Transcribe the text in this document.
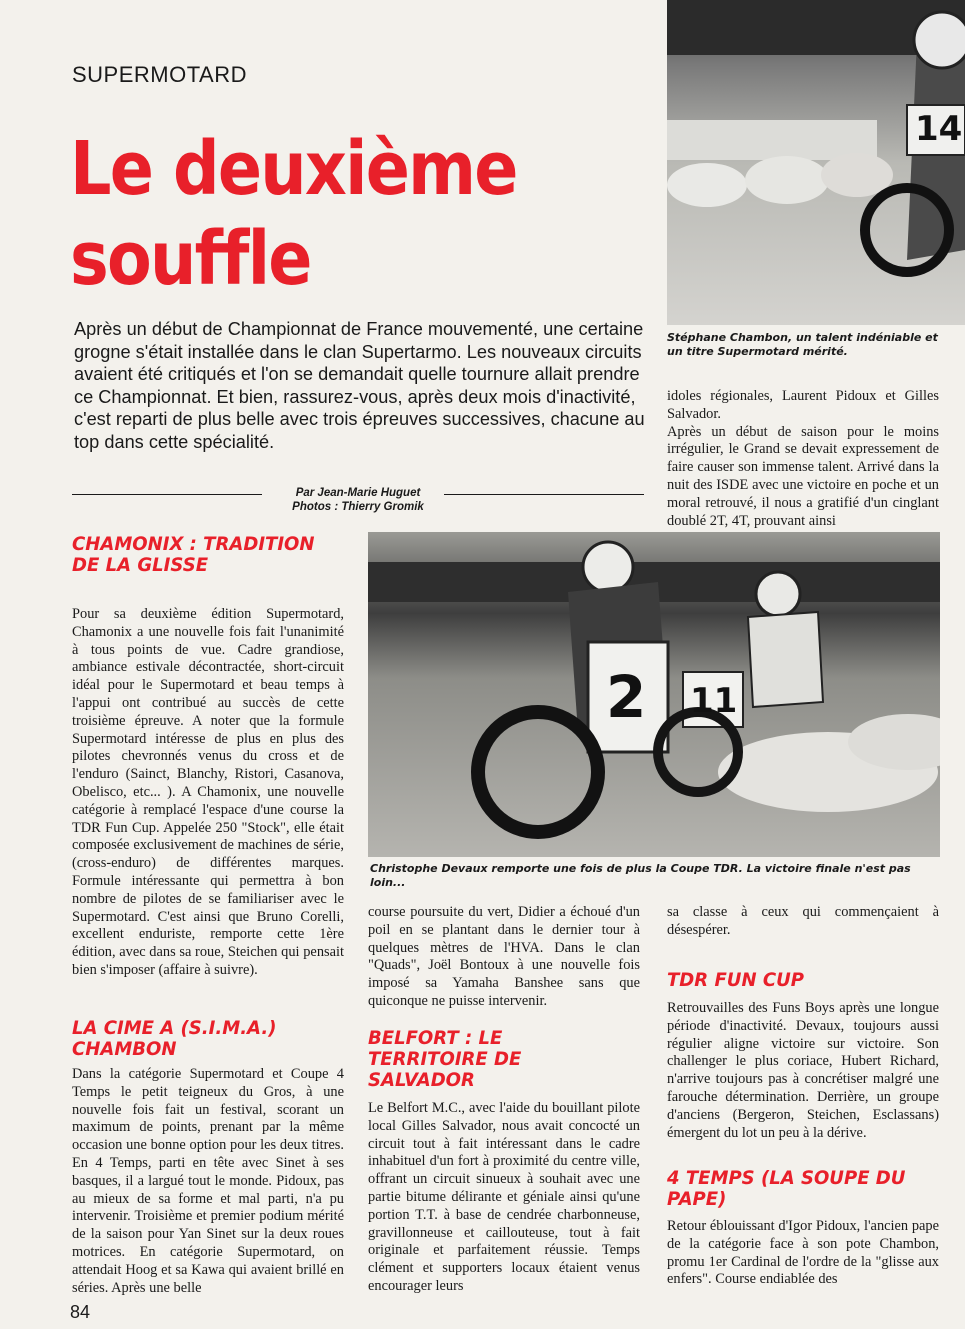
SUPERMOTARD
Le deuxième
souffle

Après un début de Championnat de France mouvementé, une certaine grogne s'était installée dans le clan Supertarmo. Les nouveaux circuits avaient été critiqués et l'on se demandait quelle tournure allait prendre ce Championnat. Et bien, rassurez-vous, après deux mois d'inactivité, c'est reparti de plus belle avec trois épreuves successives, chacune au top dans cette spécialité.

Par Jean-Marie Huguet
Photos : Thierry Gromik
14
Stéphane Chambon, un talent indéniable et un titre Supermotard mérité.

idoles régionales, Laurent Pidoux et Gilles Salvador.
Après un début de saison pour le moins irrégulier, le Grand se devait expressement de faire causer son immense talent. Arrivé dans la nuit des ISDE avec une victoire en poche et un moral retrouvé, il nous a gratifié d'un cinglant doublé 2T, 4T, prouvant ainsi

2 11
Christophe Devaux remporte une fois de plus la Coupe TDR. La victoire finale n'est pas loin...
CHAMONIX : TRADITION DE LA GLISSE

Pour sa deuxième édition Supermotard, Chamonix a une nouvelle fois fait l'unanimité à tous points de vue. Cadre grandiose, ambiance estivale décontractée, short-circuit idéal pour le Supermotard et beau temps à l'appui ont contribué au succès de cette troisième épreuve. A noter que la formule Supermotard intéresse de plus en plus des pilotes chevronnés venus du cross et de l'enduro (Sainct, Blanchy, Ristori, Casanova, Obelisco, etc... ). A Chamonix, une nouvelle catégorie à remplacé l'espace d'une course la TDR Fun Cup. Appelée 250 "Stock", elle était composée exclusivement de machines de série, (cross-enduro) de différentes marques. Formule intéressante qui permettra à bon nombre de pilotes de se familiariser avec le Supermotard. C'est ainsi que Bruno Corelli, excellent enduriste, remporte cette 1ère édition, avec dans sa roue, Steichen qui pensait bien s'imposer (affaire à suivre).

LA CIME A (S.I.M.A.) CHAMBON

Dans la catégorie Supermotard et Coupe 4 Temps le petit teigneux du Gros, à une nouvelle fois fait un festival, scorant un maximum de points, prenant par la même occasion une bonne option pour les deux titres. En 4 Temps, parti en tête avec Sinet à ses basques, il a largué tout le monde. Pidoux, pas au mieux de sa forme et mal parti, n'a pu intervenir. Troisième et premier podium mérité de la saison pour Yan Sinet sur la deux roues motrices. En catégorie Supermotard, on attendait Hoog et sa Kawa qui avaient brillé en séries. Après une belle

course poursuite du vert, Didier a échoué d'un poil en se plantant dans le dernier tour à quelques mètres de l'HVA. Dans le clan "Quads", Joël Bontoux à une nouvelle fois imposé sa Yamaha Banshee sans que quiconque ne puisse intervenir.

BELFORT : LE TERRITOIRE DE SALVADOR

Le Belfort M.C., avec l'aide du bouillant pilote local Gilles Salvador, nous avait concocté un circuit tout à fait intéressant dans le cadre inhabituel d'un fort à proximité du centre ville, offrant un circuit sinueux à souhait avec une partie bitume délirante et géniale ainsi qu'une portion T.T. à base de cendrée charbonneuse, gravillonneuse et caillouteuse, tout à fait originale et parfaitement réussie. Temps clément et supporters locaux étaient venus encourager leurs

sa classe à ceux qui commençaient à désespérer.

TDR FUN CUP

Retrouvailles des Funs Boys après une longue période d'inactivité. Devaux, toujours aussi régulier aligne victoire sur victoire. Son challenger le plus coriace, Hubert Richard, n'arrive toujours pas à concrétiser malgré une farouche détermination. Derrière, un groupe d'anciens (Bergeron, Steichen, Esclassans) émergent du lot un peu à la dérive.

4 TEMPS (LA SOUPE DU PAPE)

Retour éblouissant d'Igor Pidoux, l'ancien pape de la catégorie face à son pote Chambon, promu 1er Cardinal de l'ordre de la "glisse aux enfers". Course endiablée des

84
